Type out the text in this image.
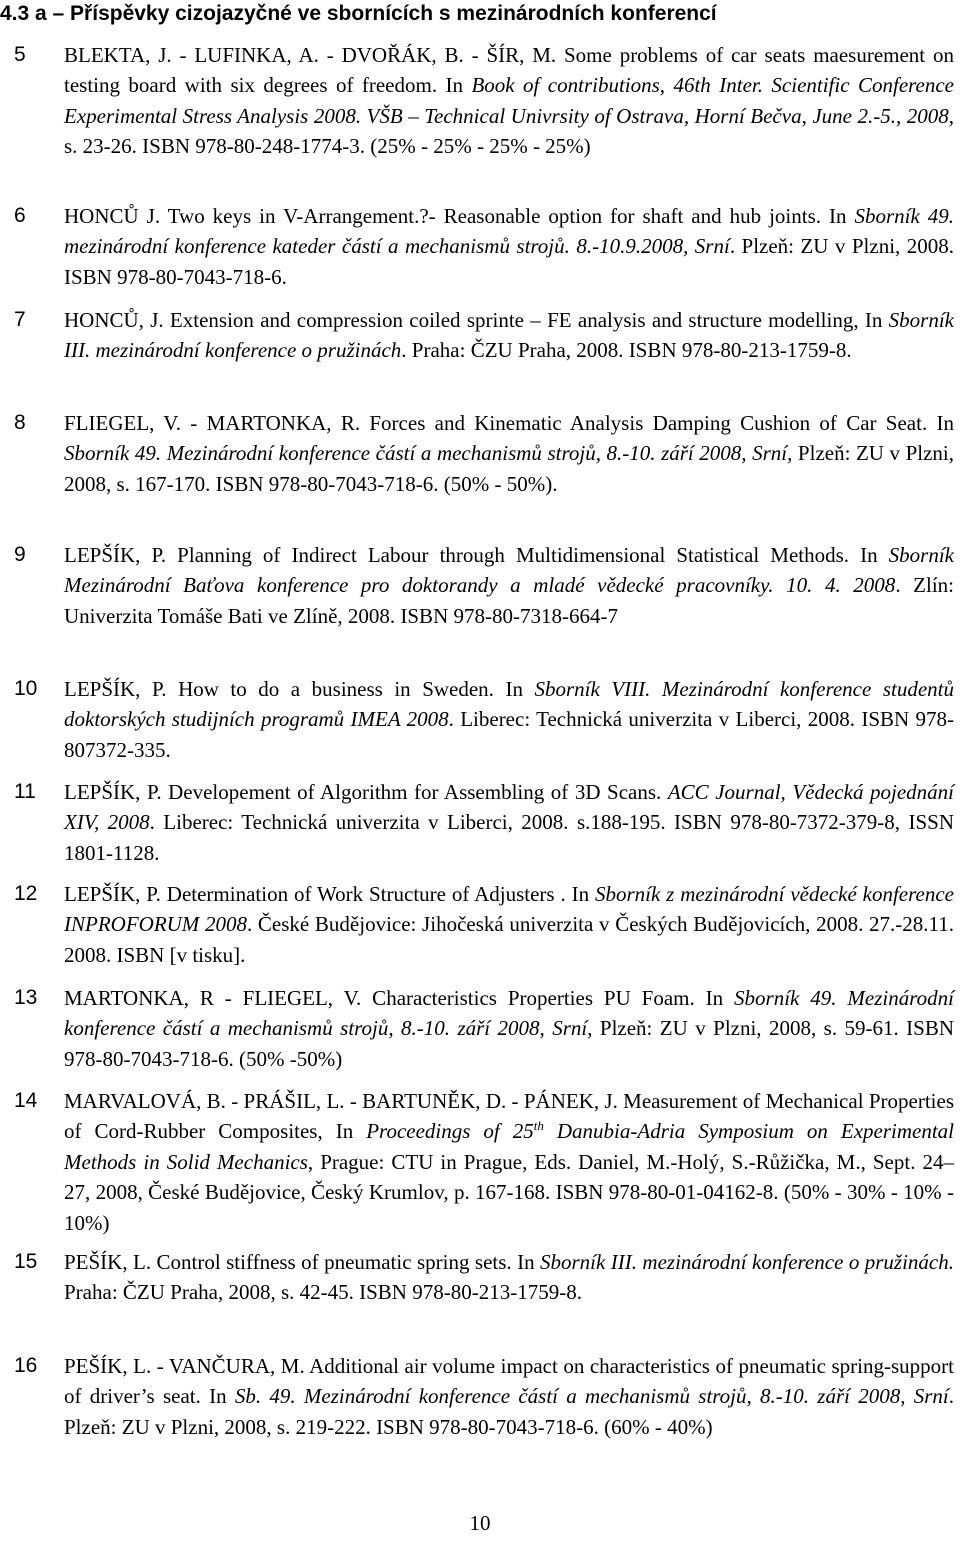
4.3 a – Příspěvky cizojazyčné ve sbornících s mezinárodních konferencí
5 BLEKTA, J. - LUFINKA, A. - DVOŘÁK, B. - ŠÍR, M. Some problems of car seats maesurement on testing board with six degrees of freedom. In Book of contributions, 46th Inter. Scientific Conference Experimental Stress Analysis 2008. VŠB – Technical Univrsity of Ostrava, Horní Bečva, June 2.-5., 2008, s. 23-26. ISBN 978-80-248-1774-3. (25% - 25% - 25% - 25%)

6 HONCŮ J. Two keys in V-Arrangement.?- Reasonable option for shaft and hub joints. In Sborník 49. mezinárodní konference kateder částí a mechanismů strojů. 8.-10.9.2008, Srní. Plzeň: ZU v Plzni, 2008. ISBN 978-80-7043-718-6.

7 HONCŮ, J. Extension and compression coiled sprinte – FE analysis and structure modelling, In Sborník III. mezinárodní konference o pružinách. Praha: ČZU Praha, 2008. ISBN 978-80-213-1759-8.

8 FLIEGEL, V. - MARTONKA, R. Forces and Kinematic Analysis Damping Cushion of Car Seat. In Sborník 49. Mezinárodní konference částí a mechanismů strojů, 8.-10. září 2008, Srní, Plzeň: ZU v Plzni, 2008, s. 167-170. ISBN 978-80-7043-718-6. (50% - 50%).

9 LEPŠÍK, P. Planning of Indirect Labour through Multidimensional Statistical Methods. In Sborník Mezinárodní Baťova konference pro doktorandy a mladé vědecké pracovníky. 10. 4. 2008. Zlín: Univerzita Tomáše Bati ve Zlíně, 2008. ISBN 978-80-7318-664-7

10 LEPŠÍK, P. How to do a business in Sweden. In Sborník VIII. Mezinárodní konference studentů doktorských studijních programů IMEA 2008. Liberec: Technická univerzita v Liberci, 2008. ISBN 978-807372-335.

11 LEPŠÍK, P. Developement of Algorithm for Assembling of 3D Scans. ACC Journal, Vědecká pojednání XIV, 2008. Liberec: Technická univerzita v Liberci, 2008. s.188-195. ISBN 978-80-7372-379-8, ISSN 1801-1128.

12 LEPŠÍK, P. Determination of Work Structure of Adjusters . In Sborník z mezinárodní vědecké konference INPROFORUM 2008. České Budějovice: Jihočeská univerzita v Českých Budějovicích, 2008. 27.-28.11. 2008. ISBN [v tisku].

13 MARTONKA, R - FLIEGEL, V. Characteristics Properties PU Foam. In Sborník 49. Mezinárodní konference částí a mechanismů strojů, 8.-10. září 2008, Srní, Plzeň: ZU v Plzni, 2008, s. 59-61. ISBN 978-80-7043-718-6. (50% -50%)

14 MARVALOVÁ, B. - PRÁŠIL, L. - BARTUNĚK, D. - PÁNEK, J. Measurement of Mechanical Properties of Cord-Rubber Composites, In Proceedings of 25th Danubia-Adria Symposium on Experimental Methods in Solid Mechanics, Prague: CTU in Prague, Eds. Daniel, M.-Holý, S.-Růžička, M., Sept. 24–27, 2008, České Budějovice, Český Krumlov, p. 167-168. ISBN 978-80-01-04162-8. (50% - 30% - 10% - 10%)

15 PEŠÍK, L. Control stiffness of pneumatic spring sets. In Sborník III. mezinárodní konference o pružinách. Praha: ČZU Praha, 2008, s. 42-45. ISBN 978-80-213-1759-8.

16 PEŠÍK, L. - VANČURA, M. Additional air volume impact on characteristics of pneumatic spring-support of driver’s seat. In Sb. 49. Mezinárodní konference částí a mechanismů strojů, 8.-10. září 2008, Srní. Plzeň: ZU v Plzni, 2008, s. 219-222. ISBN 978-80-7043-718-6. (60% - 40%)

10
